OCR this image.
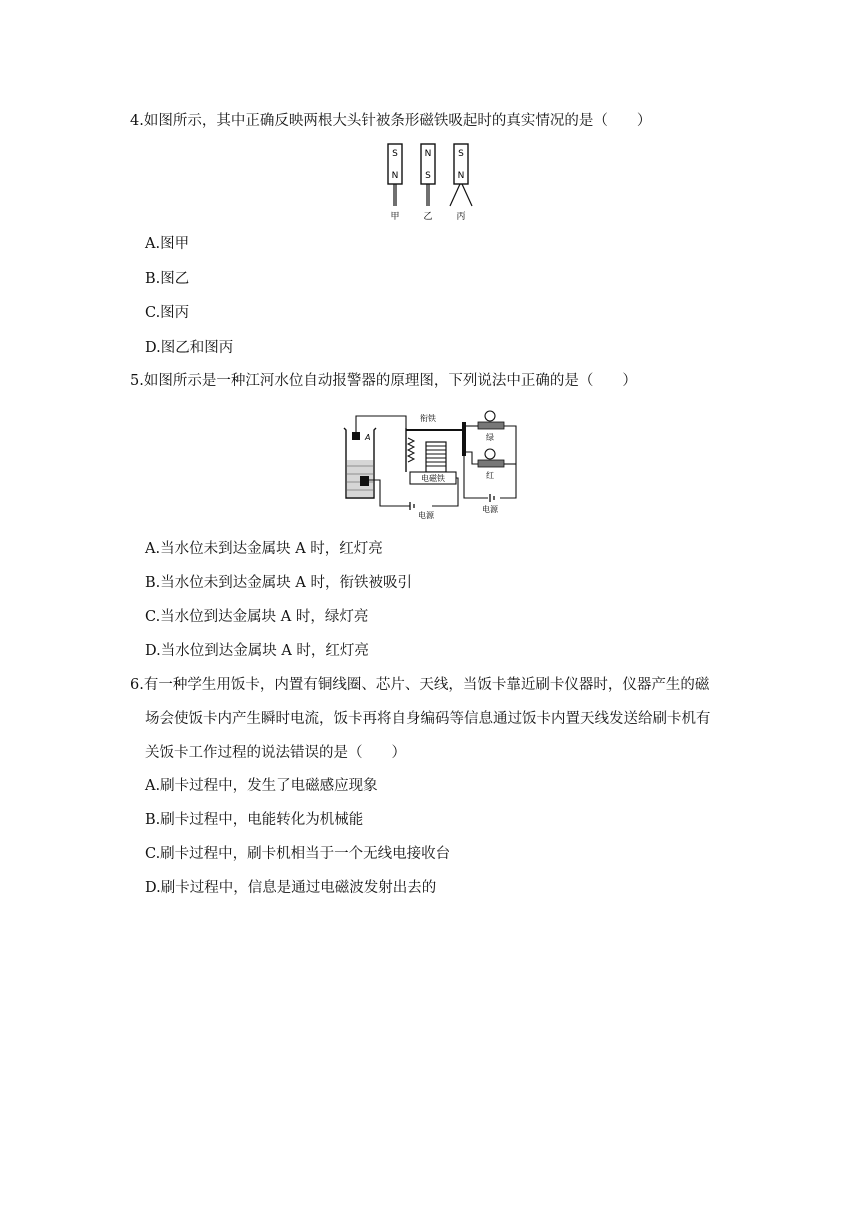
4.如图所示，其中正确反映两根大头针被条形磁铁吸起时的真实情况的是（　　）
S
N
甲
N
S
乙
S
N
丙
A.图甲
B.图乙
C.图丙
D.图乙和图丙
5.如图所示是一种江河水位自动报警器的原理图，下列说法中正确的是（　　）
A
电磁铁
衔铁
电源
绿
红
电源
A.当水位未到达金属块 A 时，红灯亮
B.当水位未到达金属块 A 时，衔铁被吸引
C.当水位到达金属块 A 时，绿灯亮
D.当水位到达金属块 A 时，红灯亮
6.有一种学生用饭卡，内置有铜线圈、芯片、天线，当饭卡靠近刷卡仪器时，仪器产生的磁
场会使饭卡内产生瞬时电流，饭卡再将自身编码等信息通过饭卡内置天线发送给刷卡机有
关饭卡工作过程的说法错误的是（　　）
A.刷卡过程中，发生了电磁感应现象
B.刷卡过程中，电能转化为机械能
C.刷卡过程中，刷卡机相当于一个无线电接收台
D.刷卡过程中，信息是通过电磁波发射出去的
